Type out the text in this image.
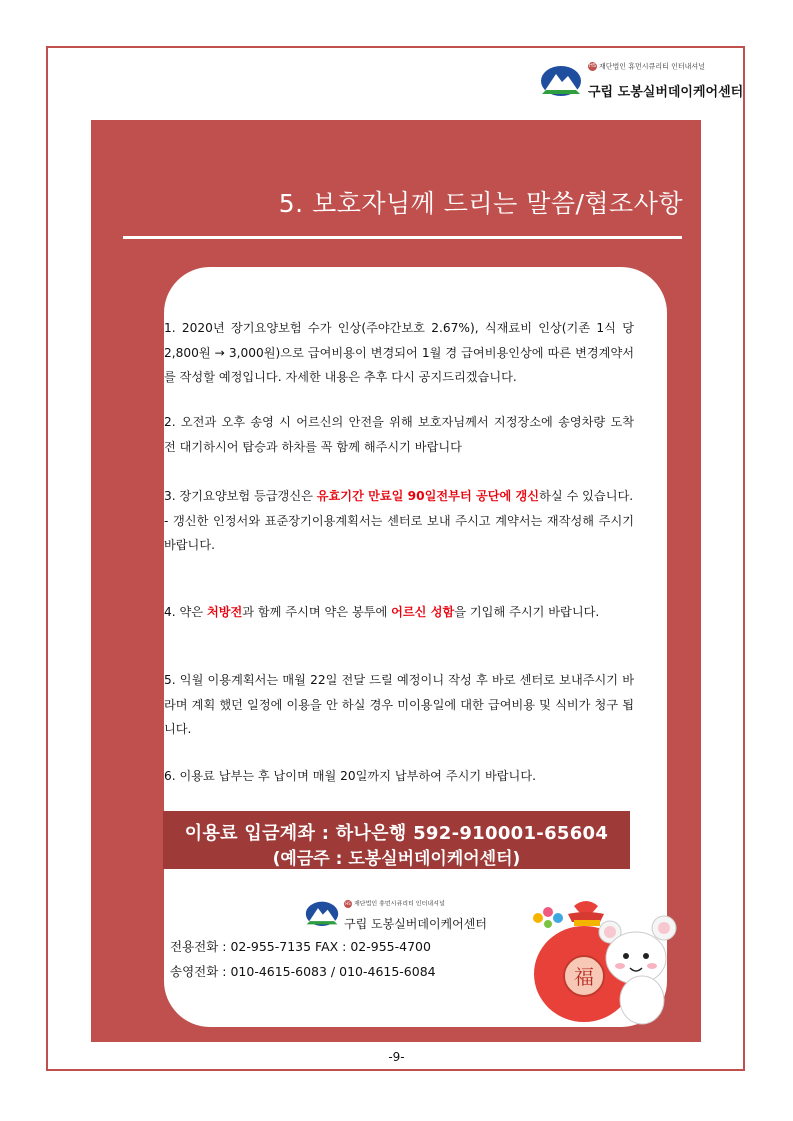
HS 재단법인 휴먼시큐리티 인터내셔널
구립 도봉실버데이케어센터
5. 보호자님께 드리는 말씀/협조사항
1. 2020년 장기요양보험 수가 인상(주야간보호 2.67%), 식재료비 인상(기존 1식 당 2,800원 → 3,000원)으로 급여비용이 변경되어 1월 경 급여비용인상에 따른 변경계약서를 작성할 예정입니다. 자세한 내용은 추후 다시 공지드리겠습니다.
2. 오전과 오후 송영 시 어르신의 안전을 위해 보호자님께서 지정장소에 송영차량 도착 전 대기하시어 탑승과 하차를 꼭 함께 해주시기 바랍니다
3. 장기요양보험 등급갱신은 유효기간 만료일 90일전부터 공단에 갱신하실 수 있습니다.
- 갱신한 인정서와 표준장기이용계획서는 센터로 보내 주시고 계약서는 재작성해 주시기 바랍니다.
4. 약은 처방전과 함께 주시며 약은 봉투에 어르신 성함을 기입해 주시기 바랍니다.
5. 익월 이용계획서는 매월 22일 전달 드릴 예정이니 작성 후 바로 센터로 보내주시기 바라며 계획 했던 일정에 이용을 안 하실 경우 미이용일에 대한 급여비용 및 식비가 청구 됩니다.
6. 이용료 납부는 후 납이며 매월 20일까지 납부하여 주시기 바랍니다.
이용료 입금계좌 : 하나은행 592-910001-65604
(예금주 : 도봉실버데이케어센터)
HS 재단법인 휴먼시큐리티 인터내셔널
구립 도봉실버데이케어센터
전용전화 : 02-955-7135 FAX : 02-955-4700
송영전화 : 010-4615-6083 / 010-4615-6084	福
-9-
